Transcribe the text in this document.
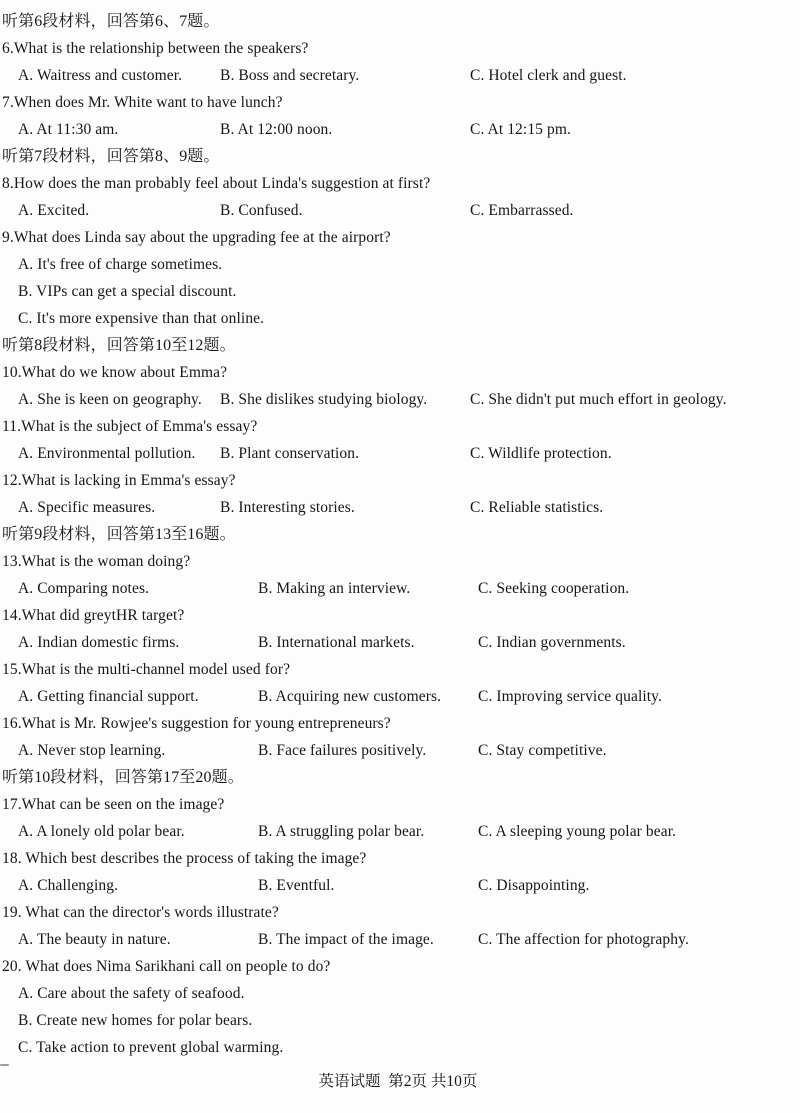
听第6段材料，回答第6、7题。
6.What is the relationship between the speakers?
A. Waitress and customer.	B. Boss and secretary.	C. Hotel clerk and guest.
7.When does Mr. White want to have lunch?
A. At 11:30 am.	B. At 12:00 noon.	C. At 12:15 pm.
听第7段材料，回答第8、9题。
8.How does the man probably feel about Linda's suggestion at first?
A. Excited.	B. Confused.	C. Embarrassed.
9.What does Linda say about the upgrading fee at the airport?
A. It's free of charge sometimes.
B. VIPs can get a special discount.
C. It's more expensive than that online.
听第8段材料，回答第10至12题。
10.What do we know about Emma?
A. She is keen on geography.	B. She dislikes studying biology.	C. She didn't put much effort in geology.
11.What is the subject of Emma's essay?
A. Environmental pollution.	B. Plant conservation.	C. Wildlife protection.
12.What is lacking in Emma's essay?
A. Specific measures.	B. Interesting stories.	C. Reliable statistics.
听第9段材料，回答第13至16题。
13.What is the woman doing?
A. Comparing notes.	B. Making an interview.	C. Seeking cooperation.
14.What did greytHR target?
A. Indian domestic firms.	B. International markets.	C. Indian governments.
15.What is the multi-channel model used for?
A. Getting financial support.	B. Acquiring new customers.	C. Improving service quality.
16.What is Mr. Rowjee's suggestion for young entrepreneurs?
A. Never stop learning.	B. Face failures positively.	C. Stay competitive.
听第10段材料，回答第17至20题。
17.What can be seen on the image?
A. A lonely old polar bear.	B. A struggling polar bear.	C. A sleeping young polar bear.
18. Which best describes the process of taking the image?
A. Challenging.	B. Eventful.	C. Disappointing.
19. What can the director's words illustrate?
A. The beauty in nature.	B. The impact of the image.	C. The affection for photography.
20. What does Nima Sarikhani call on people to do?
A. Care about the safety of seafood.
B. Create new homes for polar bears.
C. Take action to prevent global warming.
英语试题  第2页 共10页
